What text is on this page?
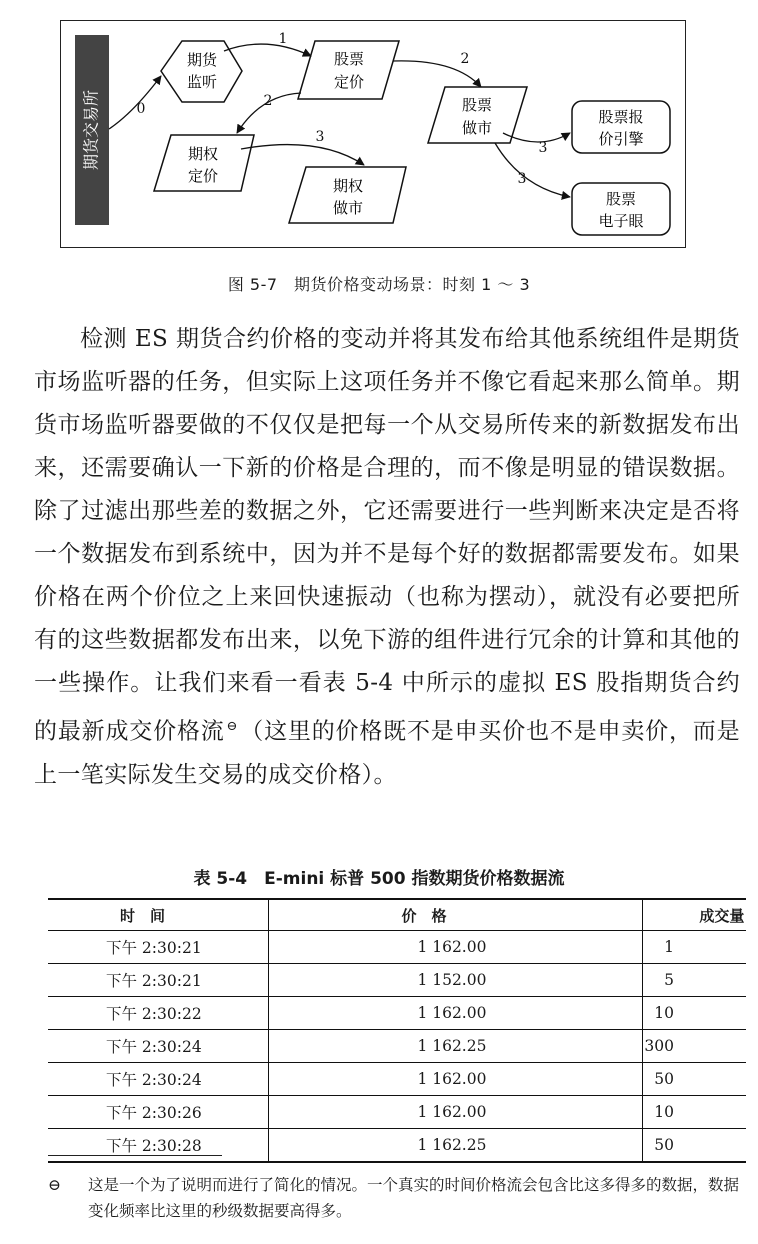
期货交易所
期货
监听
股票
定价
期权
定价
期权
做市
股票
做市
股票报
价引擎
股票
电子眼
0
1
2
2
3
3
3
图 5-7　期货价格变动场景：时刻 1 ～ 3

检测 ES 期货合约价格的变动并将其发布给其他系统组件是期货市场监听器的任务，但实际上这项任务并不像它看起来那么简单。期货市场监听器要做的不仅仅是把每一个从交易所传来的新数据发布出来，还需要确认一下新的价格是合理的，而不像是明显的错误数据。除了过滤出那些差的数据之外，它还需要进行一些判断来决定是否将一个数据发布到系统中，因为并不是每个好的数据都需要发布。如果价格在两个价位之上来回快速振动（也称为摆动），就没有必要把所有的这些数据都发布出来，以免下游的组件进行冗余的计算和其他的一些操作。让我们来看一看表 5-4 中所示的虚拟 ES 股指期货合约的最新成交价格流 ⊖（这里的价格既不是申买价也不是申卖价，而是上一笔实际发生交易的成交价格）。

表 5-4　E-mini 标普 500 指数期货价格数据流
时　间	价　格	成交量
下午 2:30:21	1 162.00	1
下午 2:30:21	1 152.00	5
下午 2:30:22	1 162.00	10
下午 2:30:24	1 162.25	300
下午 2:30:24	1 162.00	50
下午 2:30:26	1 162.00	10
下午 2:30:28	1 162.25	50
⊖ 这是一个为了说明而进行了简化的情况。一个真实的时间价格流会包含比这多得多的数据，数据变化频率比这里的秒级数据要高得多。
